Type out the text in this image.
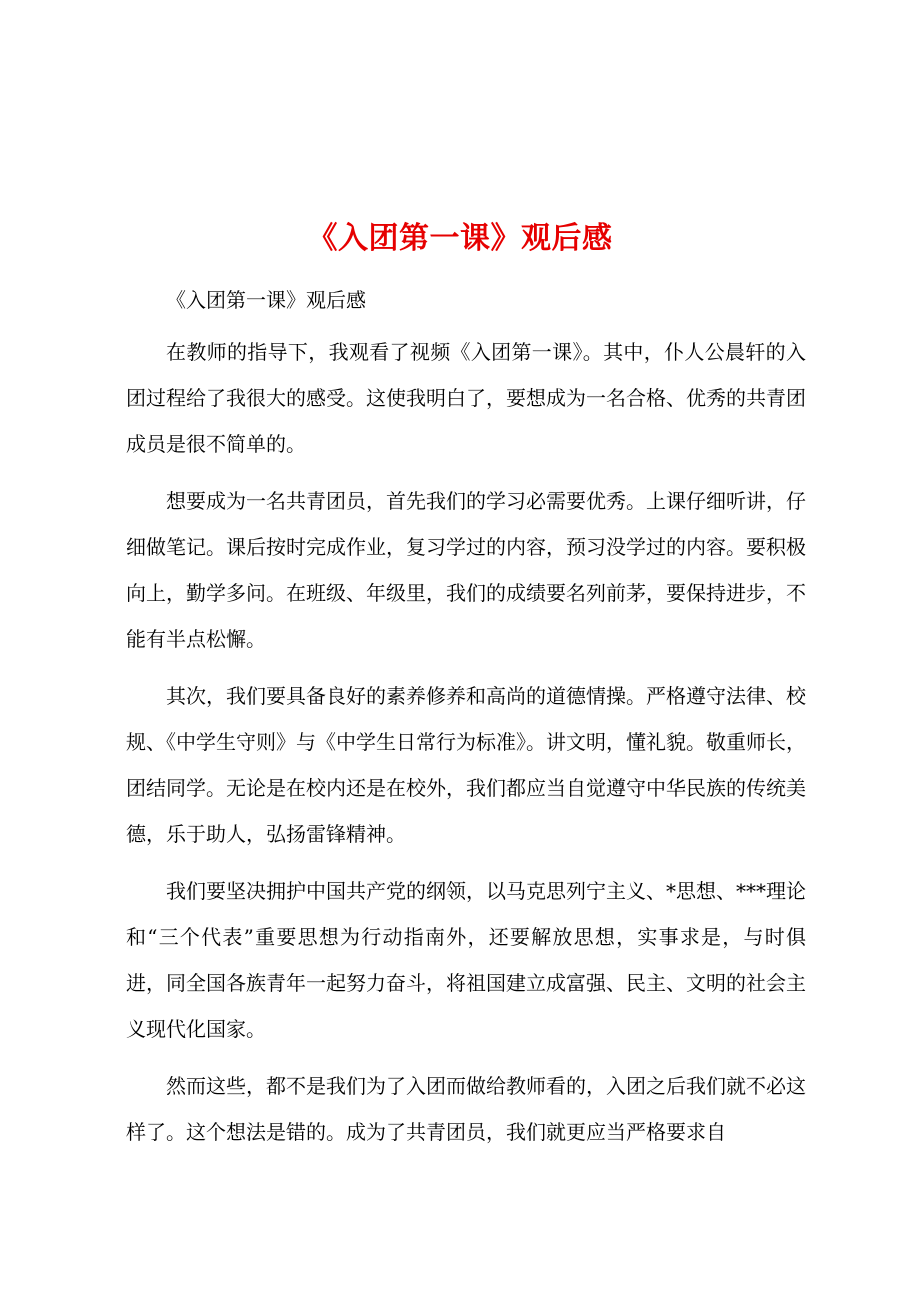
《入团第一课》观后感

《入团第一课》观后感

在教师的指导下，我观看了视频《入团第一课》。其中，仆人公晨轩的入团过程给了我很大的感受。这使我明白了，要想成为一名合格、优秀的共青团成员是很不简单的。

想要成为一名共青团员，首先我们的学习必需要优秀。上课仔细听讲，仔细做笔记。课后按时完成作业，复习学过的内容，预习没学过的内容。要积极向上，勤学多问。在班级、年级里，我们的成绩要名列前茅，要保持进步，不能有半点松懈。

其次，我们要具备良好的素养修养和高尚的道德情操。严格遵守法律、校规、《中学生守则》与《中学生日常行为标准》。讲文明，懂礼貌。敬重师长，团结同学。无论是在校内还是在校外，我们都应当自觉遵守中华民族的传统美德，乐于助人，弘扬雷锋精神。

我们要坚决拥护中国共产党的纲领，以马克思列宁主义、*思想、***理论和“三个代表”重要思想为行动指南外，还要解放思想，实事求是，与时俱进，同全国各族青年一起努力奋斗，将祖国建立成富强、民主、文明的社会主义现代化国家。

然而这些，都不是我们为了入团而做给教师看的，入团之后我们就不必这样了。这个想法是错的。成为了共青团员，我们就更应当严格要求自
